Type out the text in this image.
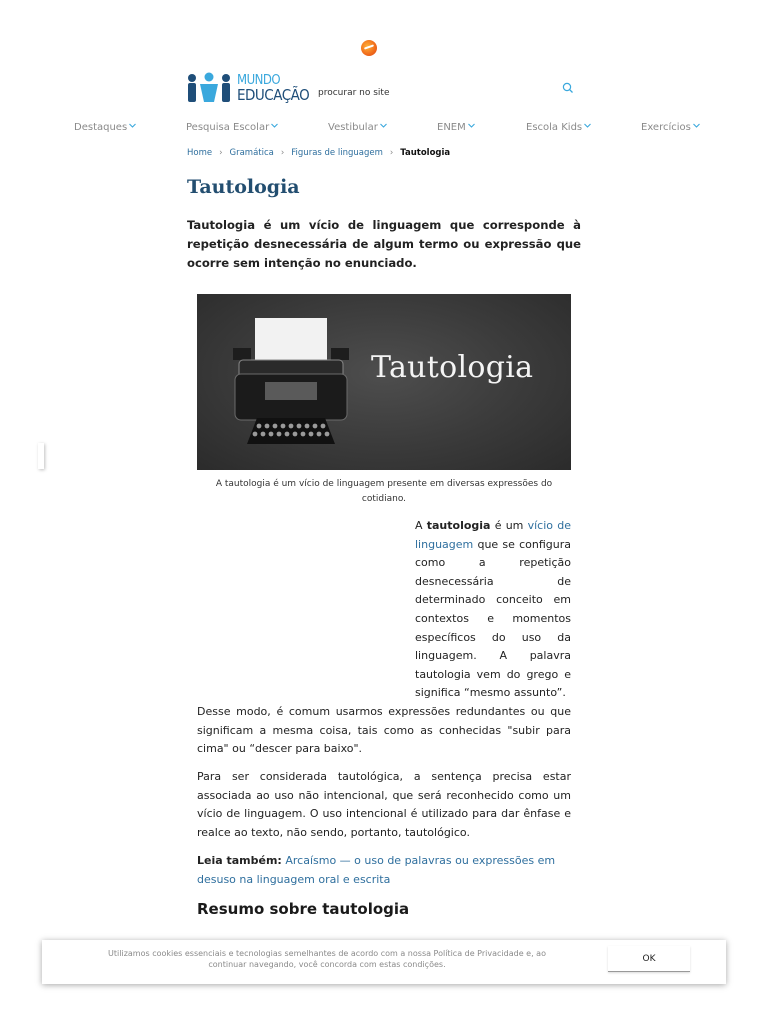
MUNDO
EDUCAÇÃO
procurar no site
Destaques	Pesquisa Escolar	Vestibular	ENEM	Escola Kids	Exercícios
Home › Gramática › Figuras de linguagem › Tautologia
Tautologia

Tautologia é um vício de linguagem que corresponde à repetição desnecessária de algum termo ou expressão que ocorre sem intenção no enunciado.

Tautologia

A tautologia é um vício de linguagem presente em diversas expressões do cotidiano.

A tautologia é um vício de linguagem que se configura como a repetição desnecessária de determinado conceito em contextos e momentos específicos do uso da linguagem. A palavra tautologia vem do grego e significa “mesmo assunto”.

Desse modo, é comum usarmos expressões redundantes ou que significam a mesma coisa, tais como as conhecidas "subir para cima" ou “descer para baixo".

Para ser considerada tautológica, a sentença precisa estar associada ao uso não intencional, que será reconhecido como um vício de linguagem. O uso intencional é utilizado para dar ênfase e realce ao texto, não sendo, portanto, tautológico.

Leia também: Arcaísmo — o uso de palavras ou expressões em desuso na linguagem oral e escrita

Resumo sobre tautologia

Utilizamos cookies essenciais e tecnologias semelhantes de acordo com a nossa Política de Privacidade e, ao continuar navegando, você concorda com estas condições.

OK
